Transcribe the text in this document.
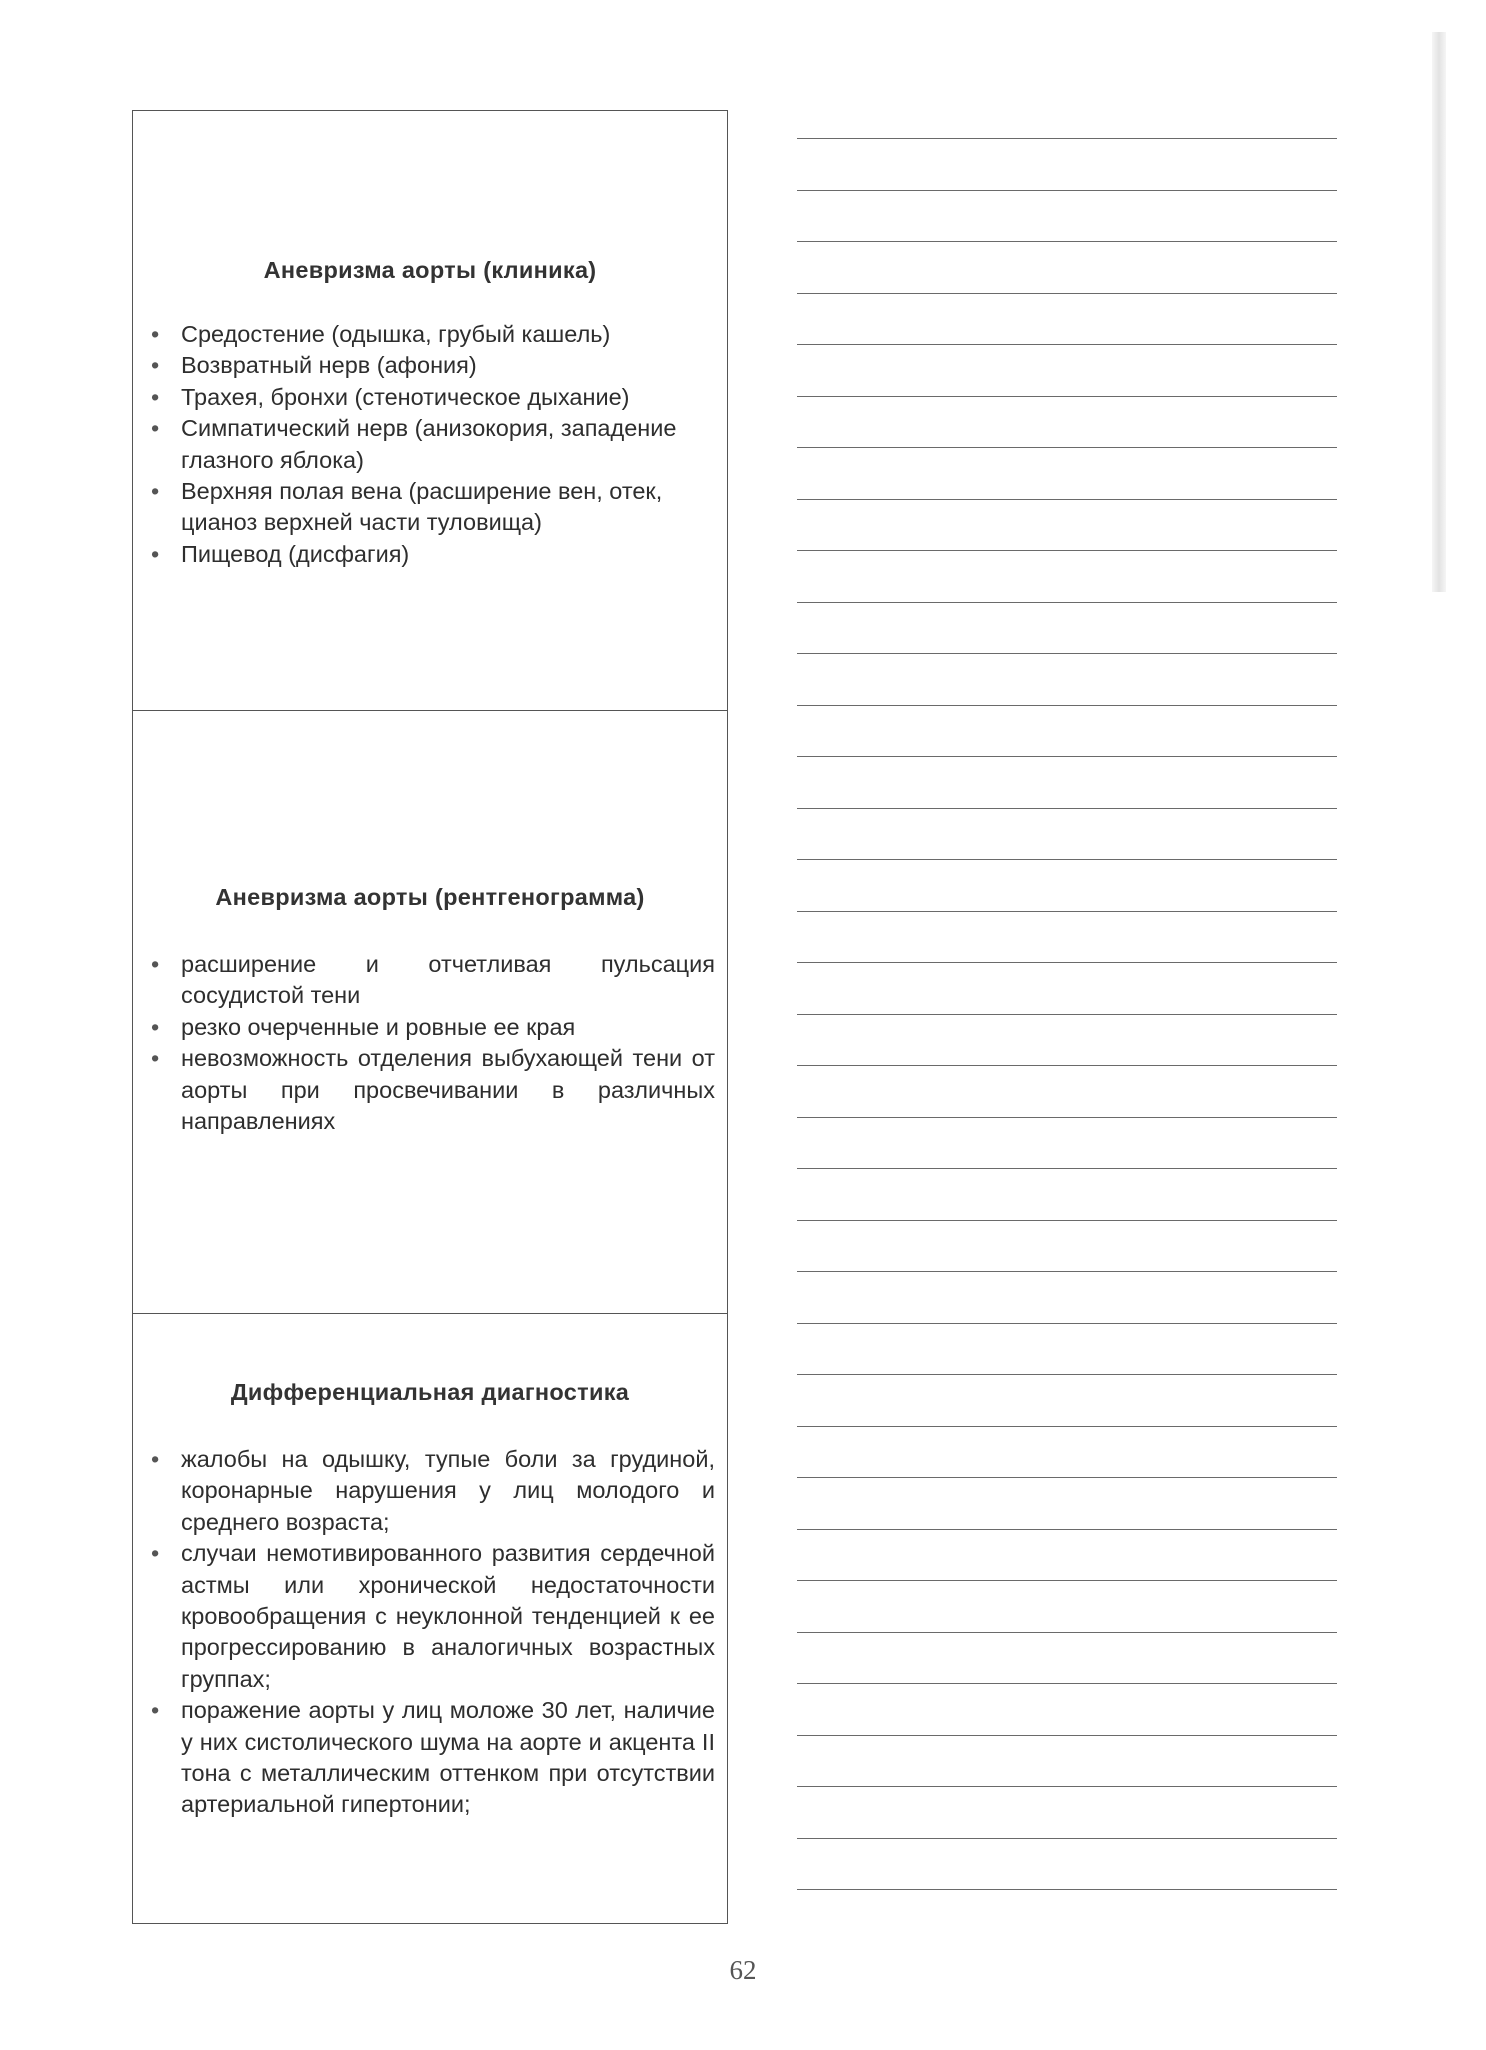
Аневризма аорты (клиника)
• Средостение (одышка, грубый кашель)
• Возвратный нерв (афония)
• Трахея, бронхи (стенотическое дыхание)
• Симпатический нерв (анизокория, западение глазного яблока)
• Верхняя полая вена (расширение вен, отек, цианоз верхней части туловища)
• Пищевод (дисфагия)
Аневризма аорты (рентгенограмма)
• расширение и отчетливая пульсация сосудистой тени
• резко очерченные и ровные ее края
• невозможность отделения выбухающей тени от аорты при просвечивании в различных направлениях
Дифференциальная диагностика
• жалобы на одышку, тупые боли за грудиной, коронарные нарушения у лиц молодого и среднего возраста;
• случаи немотивированного развития сердечной астмы или хронической недостаточности кровообращения с неуклонной тенденцией к ее прогрессированию в аналогичных возрастных группах;
• поражение аорты у лиц моложе 30 лет, наличие у них систолического шума на аорте и акцента II тона с металлическим оттенком при отсутствии артериальной гипертонии;
62
